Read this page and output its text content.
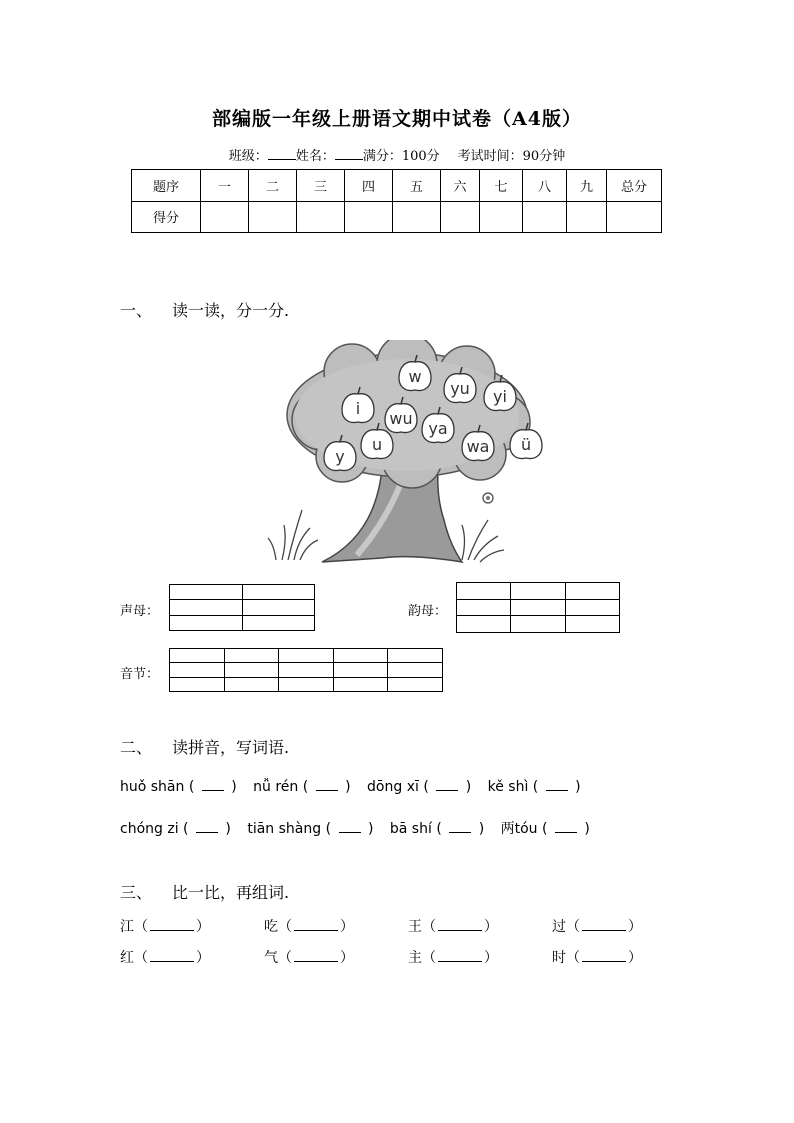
部编版一年级上册语文期中试卷（A4版）
班级： 姓名： 满分：100分 考试时间：90分钟
题序	一	二	三	四	五	六	七	八	九	总分
得分										
一、 读一读，分一分.
w
yu yi
i
wu
ya
u	wa ü
y
声母：

		韵母：

音节：

二、 读拼音，写词语.
huǒ shān (  ) nǚ rén (  ) dōng xī (  ) kě shì (  )
chóng zi (  ) tiān shàng (  ) bā shí (  ) 两tóu (  )
三、 比一比，再组词.
江（	）	吃（	）	王（	）	过（	）
红（	）	气（	）	主（	）	时（	）
